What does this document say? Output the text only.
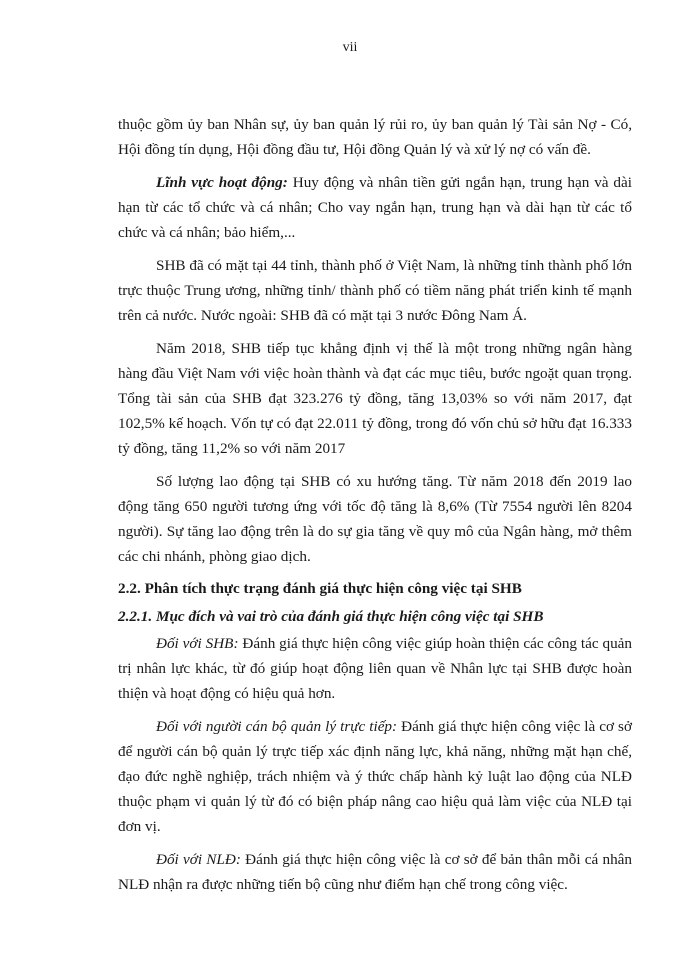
vii

thuộc gồm ủy ban Nhân sự, ủy ban quản lý rủi ro, ủy ban quản lý Tài sản Nợ - Có, Hội đồng tín dụng, Hội đồng đầu tư, Hội đồng Quản lý và xử lý nợ có vấn đề.

Lĩnh vực hoạt động: Huy động và nhân tiền gửi ngắn hạn, trung hạn và dài hạn từ các tổ chức và cá nhân; Cho vay ngắn hạn, trung hạn và dài hạn từ các tổ chức và cá nhân; bảo hiểm,...

SHB đã có mặt tại 44 tỉnh, thành phố ở Việt Nam, là những tỉnh thành phố lớn trực thuộc Trung ương, những tỉnh/ thành phố có tiềm năng phát triển kinh tế mạnh trên cả nước. Nước ngoài: SHB đã có mặt tại 3 nước Đông Nam Á.

Năm 2018, SHB tiếp tục khẳng định vị thế là một trong những ngân hàng hàng đầu Việt Nam với việc hoàn thành và đạt các mục tiêu, bước ngoặt quan trọng. Tổng tài sản của SHB đạt 323.276 tỷ đồng, tăng 13,03% so với năm 2017, đạt 102,5% kế hoạch. Vốn tự có đạt 22.011 tỷ đồng, trong đó vốn chủ sở hữu đạt 16.333 tỷ đồng, tăng 11,2% so với năm 2017

Số lượng lao động tại SHB có xu hướng tăng. Từ năm 2018 đến 2019 lao động tăng 650 người tương ứng với tốc độ tăng là 8,6% (Từ 7554 người lên 8204 người). Sự tăng lao động trên là do sự gia tăng về quy mô của Ngân hàng, mở thêm các chi nhánh, phòng giao dịch.

2.2. Phân tích thực trạng đánh giá thực hiện công việc tại SHB
2.2.1. Mục đích và vai trò của đánh giá thực hiện công việc tại SHB

Đối với SHB: Đánh giá thực hiện công việc giúp hoàn thiện các công tác quản trị nhân lực khác, từ đó giúp hoạt động liên quan về Nhân lực tại SHB được hoàn thiện và hoạt động có hiệu quả hơn.

Đối với người cán bộ quản lý trực tiếp: Đánh giá thực hiện công việc là cơ sở để người cán bộ quản lý trực tiếp xác định năng lực, khả năng, những mặt hạn chế, đạo đức nghề nghiệp, trách nhiệm và ý thức chấp hành kỷ luật lao động của NLĐ thuộc phạm vi quản lý từ đó có biện pháp nâng cao hiệu quả làm việc của NLĐ tại đơn vị.

Đối với NLĐ: Đánh giá thực hiện công việc là cơ sở để bản thân mỗi cá nhân NLĐ nhận ra được những tiến bộ cũng như điểm hạn chế trong công việc.
